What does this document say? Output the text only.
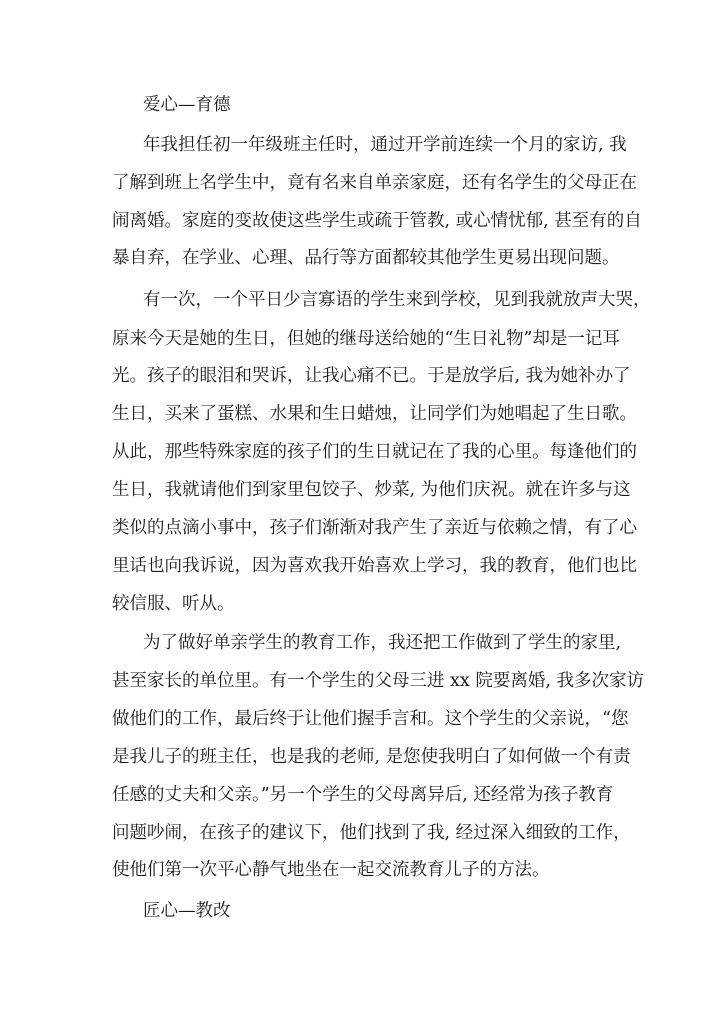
爱心—育德
年我担任初一年级班主任时，通过开学前连续一个月的家访, 我
了解到班上名学生中，竟有名来自单亲家庭，还有名学生的父母正在
闹离婚。家庭的变故使这些学生或疏于管教, 或心情忧郁, 甚至有的自
暴自弃，在学业、心理、品行等方面都较其他学生更易出现问题。
有一次，一个平日少言寡语的学生来到学校，见到我就放声大哭，
原来今天是她的生日，但她的继母送给她的“生日礼物”却是一记耳
光。孩子的眼泪和哭诉，让我心痛不已。于是放学后, 我为她补办了
生日，买来了蛋糕、水果和生日蜡烛，让同学们为她唱起了生日歌。
从此，那些特殊家庭的孩子们的生日就记在了我的心里。每逢他们的
生日，我就请他们到家里包饺子、炒菜, 为他们庆祝。就在许多与这
类似的点滴小事中，孩子们渐渐对我产生了亲近与依赖之情，有了心
里话也向我诉说，因为喜欢我开始喜欢上学习，我的教育，他们也比
较信服、听从。
为了做好单亲学生的教育工作，我还把工作做到了学生的家里,
甚至家长的单位里。有一个学生的父母三进 xx 院要离婚, 我多次家访
做他们的工作，最后终于让他们握手言和。这个学生的父亲说，“您
是我儿子的班主任，也是我的老师, 是您使我明白了如何做一个有责
任感的丈夫和父亲。”另一个学生的父母离异后, 还经常为孩子教育
问题吵闹，在孩子的建议下，他们找到了我, 经过深入细致的工作，
使他们第一次平心静气地坐在一起交流教育儿子的方法。
匠心—教改
